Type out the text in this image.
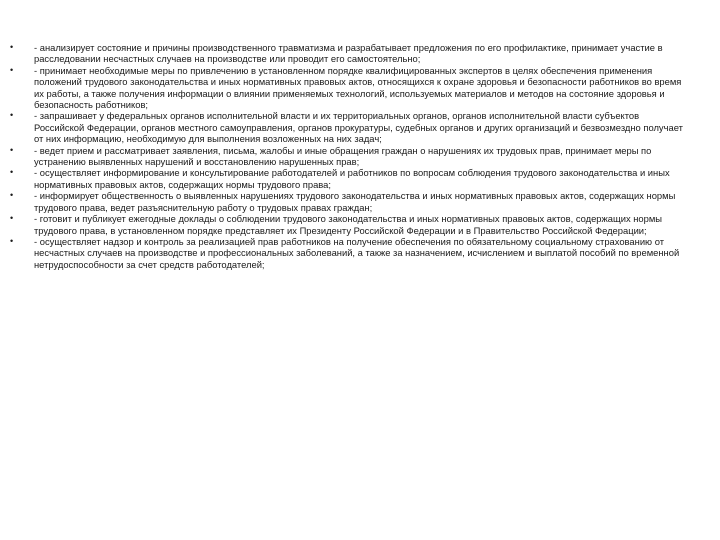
•	- анализирует состояние и причины производственного травматизма и разрабатывает предложения по его профилактике, принимает участие в расследовании несчастных случаев на производстве или проводит его самостоятельно;
•	- принимает необходимые меры по привлечению в установленном порядке квалифицированных экспертов в целях обеспечения применения положений трудового законодательства и иных нормативных правовых актов, относящихся к охране здоровья и безопасности работников во время их работы, а также получения информации о влиянии применяемых технологий, используемых материалов и методов на состояние здоровья и безопасность работников;
•	- запрашивает у федеральных органов исполнительной власти и их территориальных органов, органов исполнительной власти субъектов Российской Федерации, органов местного самоуправления, органов прокуратуры, судебных органов и других организаций и безвозмездно получает от них информацию, необходимую для выполнения возложенных на них задач;
•	- ведет прием и рассматривает заявления, письма, жалобы и иные обращения граждан о нарушениях их трудовых прав, принимает меры по устранению выявленных нарушений и восстановлению нарушенных прав;
•	- осуществляет информирование и консультирование работодателей и работников по вопросам соблюдения трудового законодательства и иных нормативных правовых актов, содержащих нормы трудового права;
•	- информирует общественность о выявленных нарушениях трудового законодательства и иных нормативных правовых актов, содержащих нормы трудового права, ведет разъяснительную работу о трудовых правах граждан;
•	- готовит и публикует ежегодные доклады о соблюдении трудового законодательства и иных нормативных правовых актов, содержащих нормы трудового права, в установленном порядке представляет их Президенту Российской Федерации и в Правительство Российской Федерации;
•	- осуществляет надзор и контроль за реализацией прав работников на получение обеспечения по обязательному социальному страхованию от несчастных случаев на производстве и профессиональных заболеваний, а также за назначением, исчислением и выплатой пособий по временной нетрудоспособности за счет средств работодателей;
